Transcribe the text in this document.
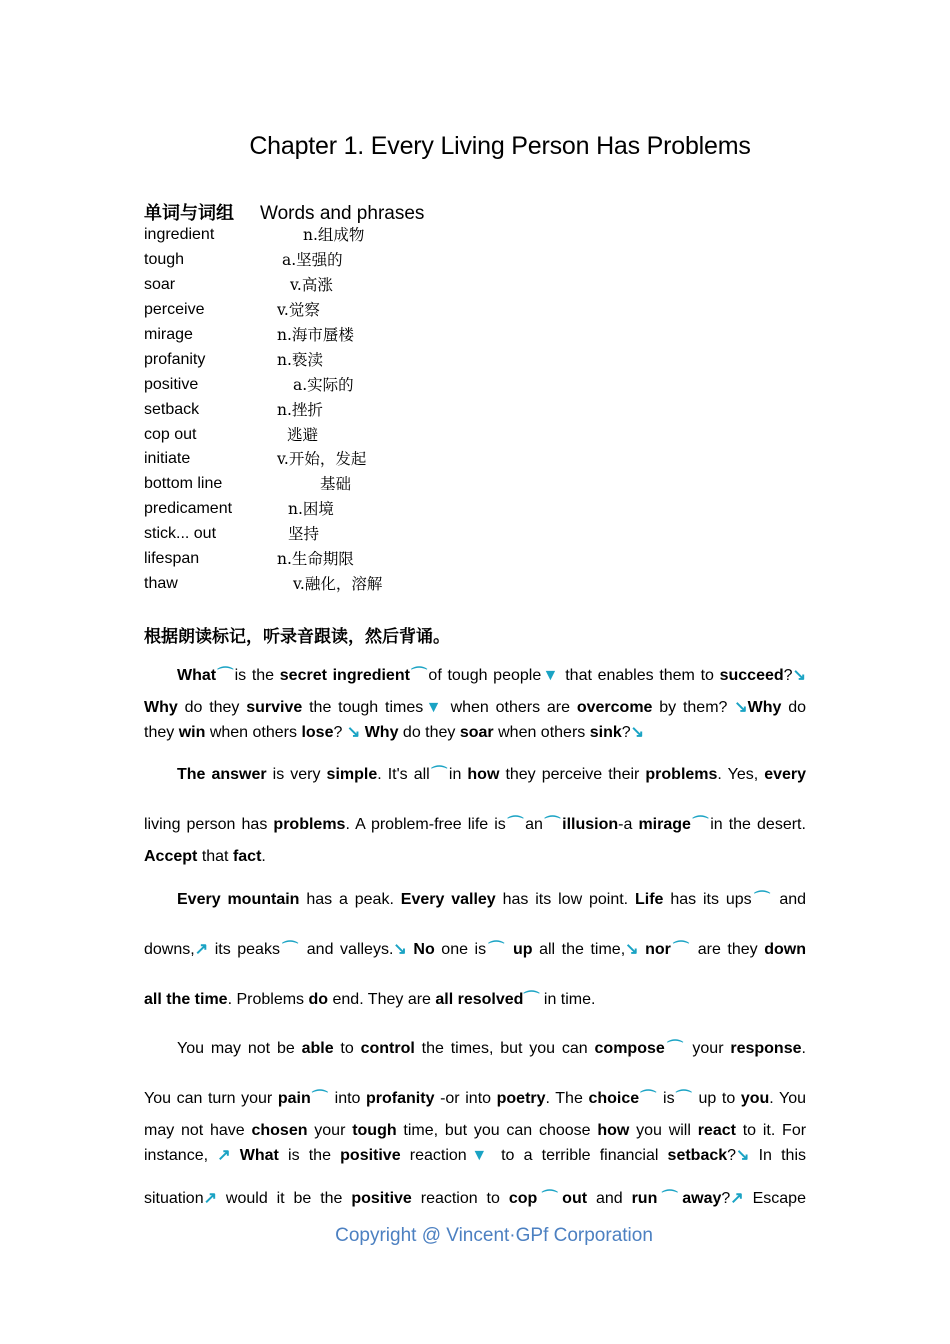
Chapter 1. Every Living Person Has Problems
单词与词组 Words and phrases
ingredient	n.组成物
tough	a.坚强的
soar	v.高涨
perceive	v.觉察
mirage	n.海市蜃楼
profanity	n.亵渎
positive	a.实际的
setback	n.挫折
cop out	逃避
initiate	v.开始，发起
bottom line	基础
predicament	n.困境
stick... out	坚持
lifespan	n.生命期限
thaw	v.融化，溶解
根据朗读标记，听录音跟读，然后背诵。
What⌒is the secret ingredient⌒of tough people▼ that enables them to succeed?↘
Why do they survive the tough times▼ when others are overcome by them? ↘Why do
they win when others lose? ↘ Why do they soar when others sink?↘
The answer is very simple. It's all⌒in how they perceive their problems. Yes, every
living person has problems. A problem-free life is⌒an⌒illusion-a mirage⌒in the desert.
Accept that fact.
Every mountain has a peak. Every valley has its low point. Life has its ups⌒ and
downs,↗ its peaks⌒ and valleys.↘ No one is⌒ up all the time,↘ nor⌒ are they down
all the time. Problems do end. They are all resolved⌒ in time.
You may not be able to control the times, but you can compose⌒ your response.
You can turn your pain⌒ into profanity -or into poetry. The choice⌒ is⌒ up to you. You
may not have chosen your tough time, but you can choose how you will react to it. For
instance, ↗ What is the positive reaction▼ to a terrible financial setback?↘ In this
situation↗ would it be the positive reaction to cop⌒out and run⌒away?↗ Escape
Copyright @ Vincent·GPf Corporation
